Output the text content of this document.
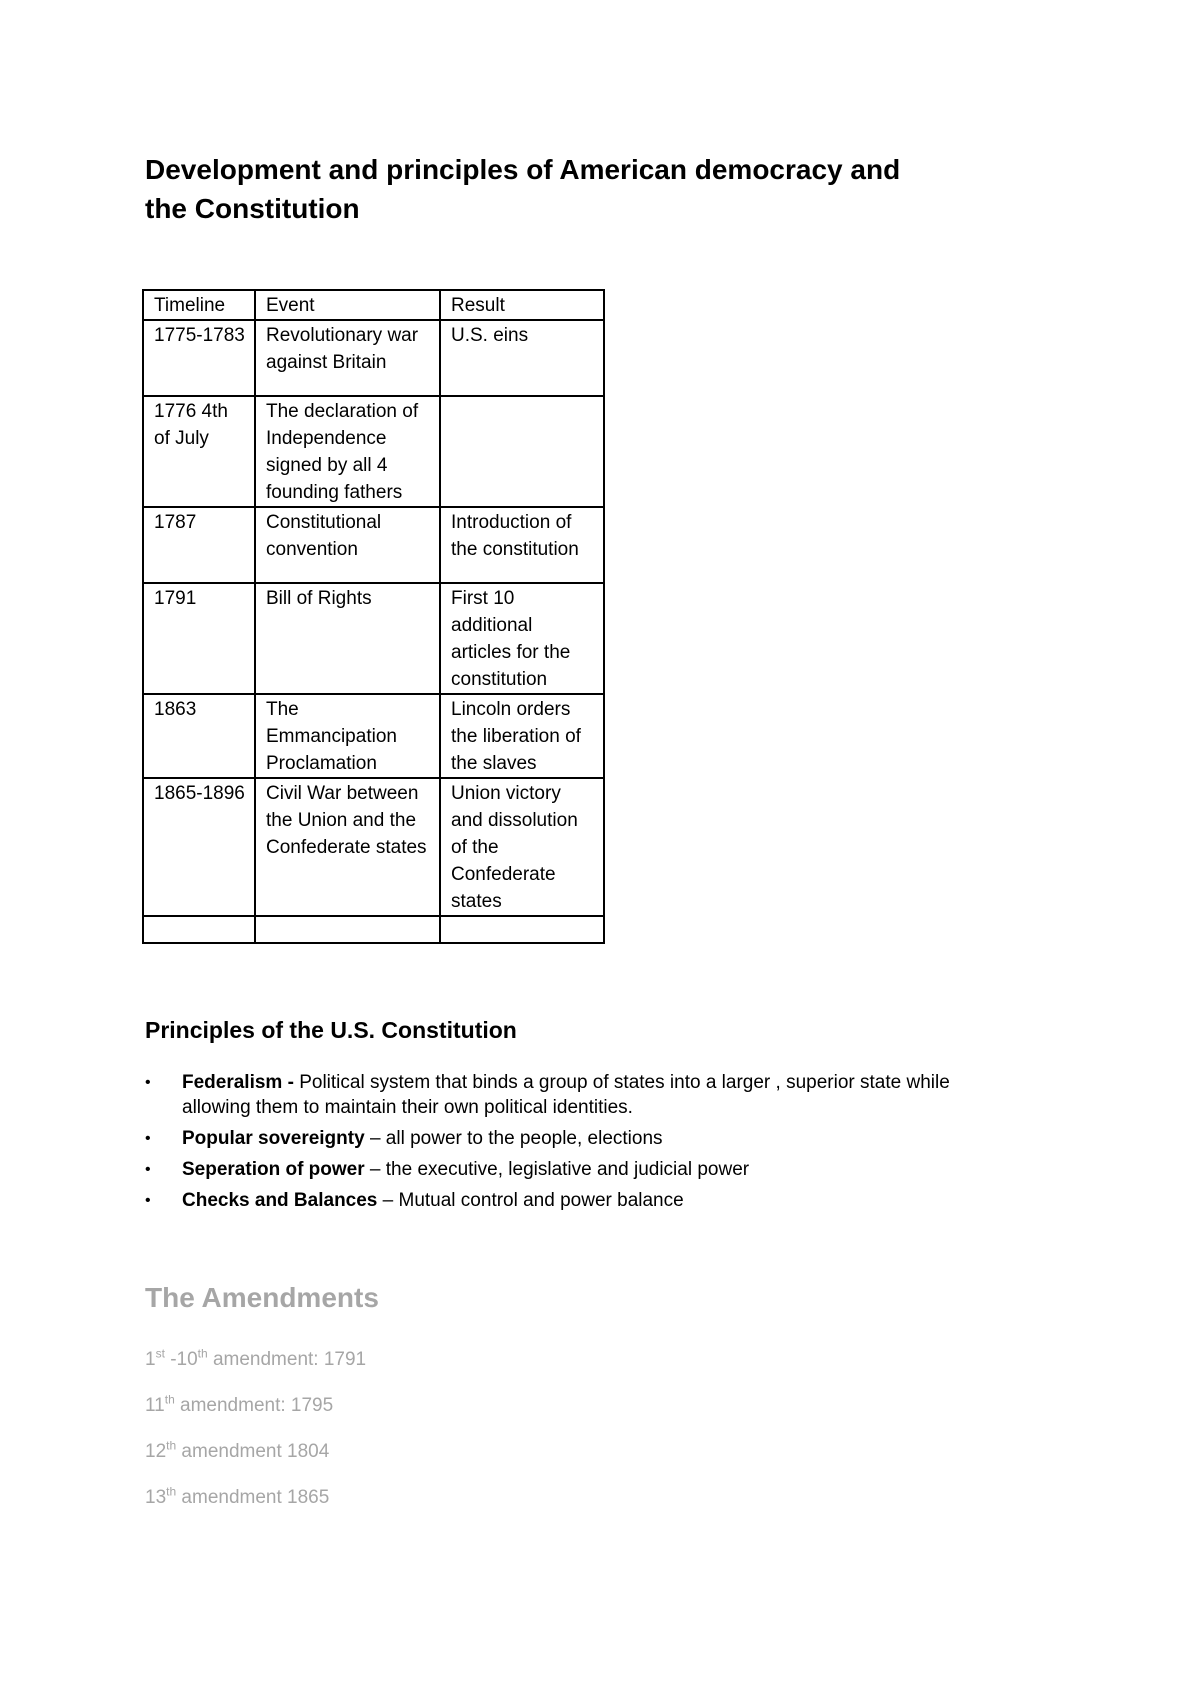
Development and principles of American democracy and the Constitution
Timeline	Event	Result
1775-1783	Revolutionary war against Britain	U.S. eins
1776 4th of July	The declaration of Independence signed by all 4 founding fathers	
1787	Constitutional convention	Introduction of the constitution
1791	Bill of Rights	First 10 additional articles for the constitution
1863	The Emmancipation Proclamation	Lincoln orders the liberation of the slaves
1865-1896	Civil War between the Union and the Confederate states	Union victory and dissolution of the Confederate states

Principles of the U.S. Constitution
• Federalism - Political system that binds a group of states into a larger , superior state while allowing them to maintain their own political identities.
• Popular sovereignty – all power to the people, elections
• Seperation of power – the executive, legislative and judicial power
• Checks and Balances – Mutual control and power balance
The Amendments

1st -10th amendment: 1791

11th amendment: 1795

12th amendment 1804

13th amendment 1865
